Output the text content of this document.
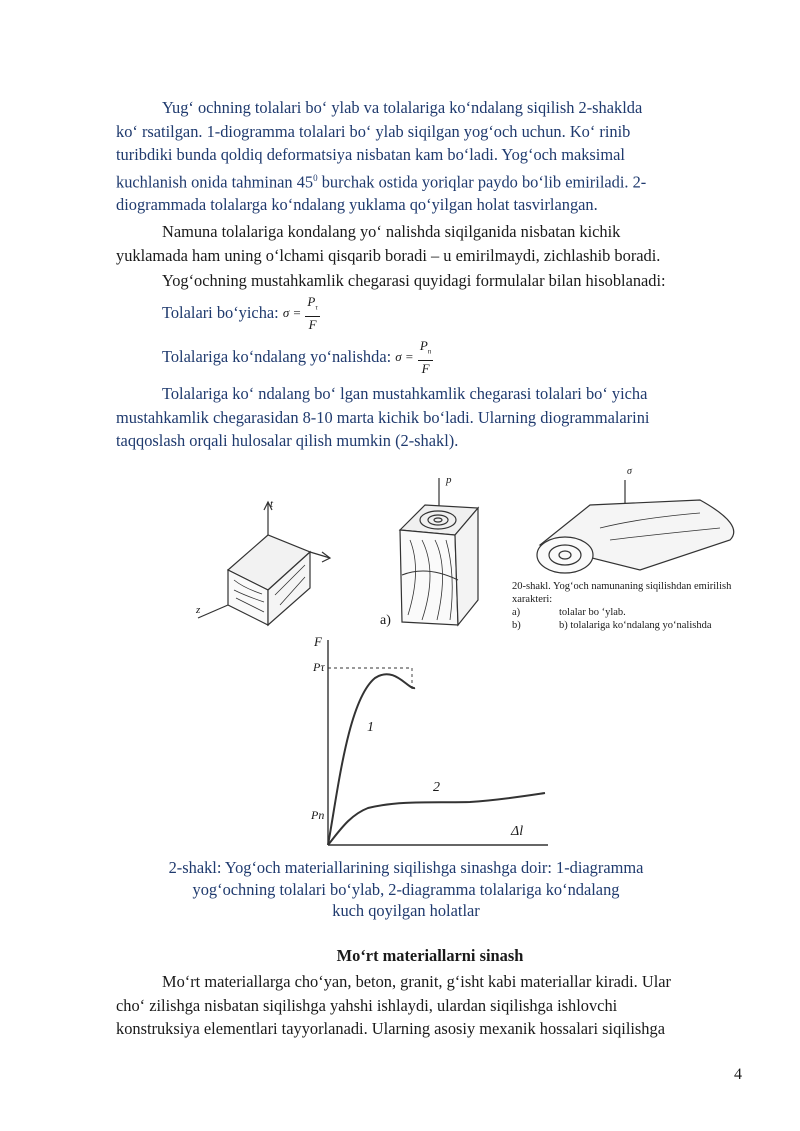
Yug‘ ochning tolalari bo‘ ylab va tolalariga ko‘ndalang siqilish 2-shaklda
ko‘ rsatilgan. 1-diogramma tolalari bo‘ ylab siqilgan yog‘och uchun. Ko‘ rinib
turibdiki bunda qoldiq deformatsiya nisbatan kam bo‘ladi. Yog‘och maksimal
kuchlanish onida tahminan $45^0$ burchak ostida yoriqlar paydo bo‘lib emiriladi. 2-
diogrammada tolalarga ko‘ndalang yuklama qo‘yilgan holat tasvirlangan.
Namuna tolalariga kondalang yo‘ nalishda siqilganida nisbatan kichik
yuklamada ham uning o‘lchami qisqarib boradi – u emirilmaydi, zichlashib boradi.
Yog‘ochning mustahkamlik chegarasi quyidagi formulalar bilan hisoblanadi:
Tolalari bo‘yicha: $\sigma = \frac{P_\tau}{F}$
Tolalariga ko‘ndalang yo‘nalishda: $\sigma = \frac{P_n}{F}$
Tolalariga ko‘ ndalang bo‘ lgan mustahkamlik chegarasi tolalari bo‘ yicha
mustahkamlik chegarasidan 8-10 marta kichik bo‘ladi. Ularning diogrammalarini
taqqoslash orqali hulosalar qilish mumkin (2-shakl).
t
z
p
σ
a)
F
Pτ
Pn
Δl
1
2
20-shakl. Yog‘och namunaning siqilishdan emirilish xarakteri:
a)	tolalar bo ‘ylab.
b)	b) tolalariga ko‘ndalang yo‘nalishda
2-shakl: Yog‘och materiallarining siqilishga sinashga doir: 1-diagramma
yog‘ochning tolalari bo‘ylab, 2-diagramma tolalariga ko‘ndalang
kuch qoyilgan holatlar
Mo‘rt materiallarni sinash
Mo‘rt materiallarga cho‘yan, beton, granit, g‘isht kabi materiallar kiradi. Ular
cho‘ zilishga nisbatan siqilishga yahshi ishlaydi, ulardan siqilishga ishlovchi
konstruksiya elementlari tayyorlanadi. Ularning asosiy mexanik hossalari siqilishga
4
